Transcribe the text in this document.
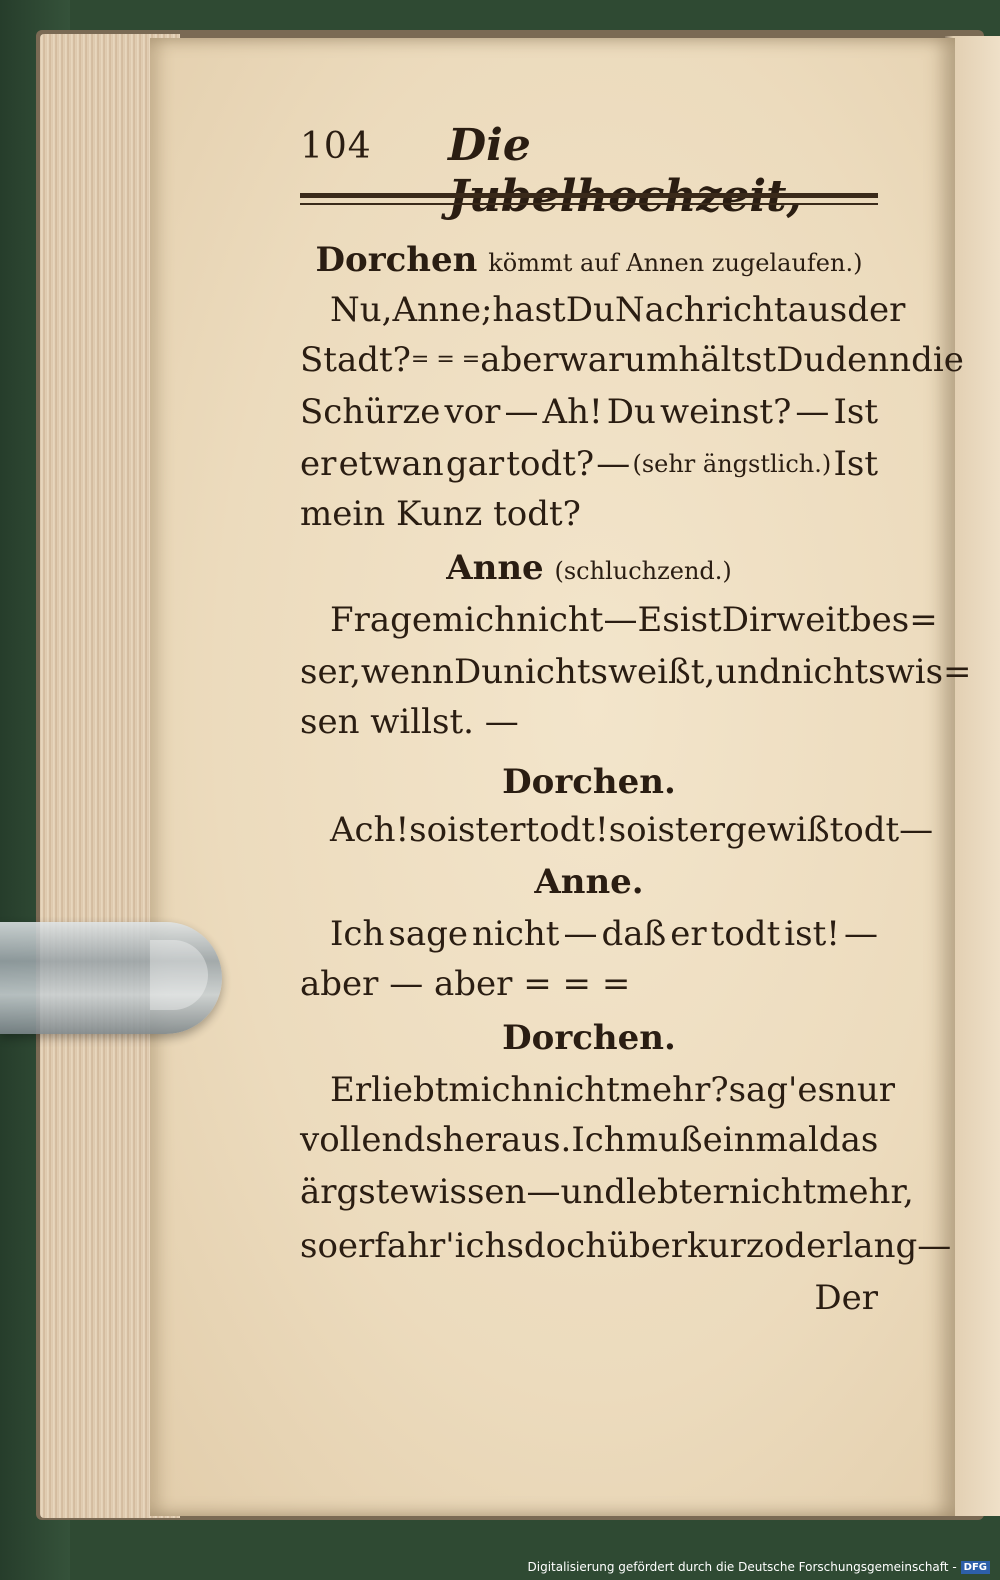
104 Die
Dorchen kömmt auf Annen zugelaufen.)
Nu, Anne; hast Du Nachricht aus der
Stadt? = = = aber warum hältst Du denn die
Schürze vor — Ah! Du weinst? — Ist
er etwan gar todt? — (sehr ängstlich.) Ist
mein Kunz todt?
Anne (schluchzend.)
Frage mich nicht — Es ist Dir weit bes=
ser, wenn Du nichts weißt, und nichts wis=
sen willst. —
Dorchen.
Ach! so ist er todt! so ist er gewiß todt —
Anne.
Ich sage nicht — daß er todt ist! —
aber — aber = = =
Dorchen.
Er liebt mich nicht mehr? sag' es nur
vollends heraus. Ich muß einmal das
ärgste wissen — und lebt er nicht mehr,
so erfahr' ichs doch über kurz oder lang —
Der
Digitalisierung gefördert durch die Deutsche Forschungsgemeinschaft - DFG
